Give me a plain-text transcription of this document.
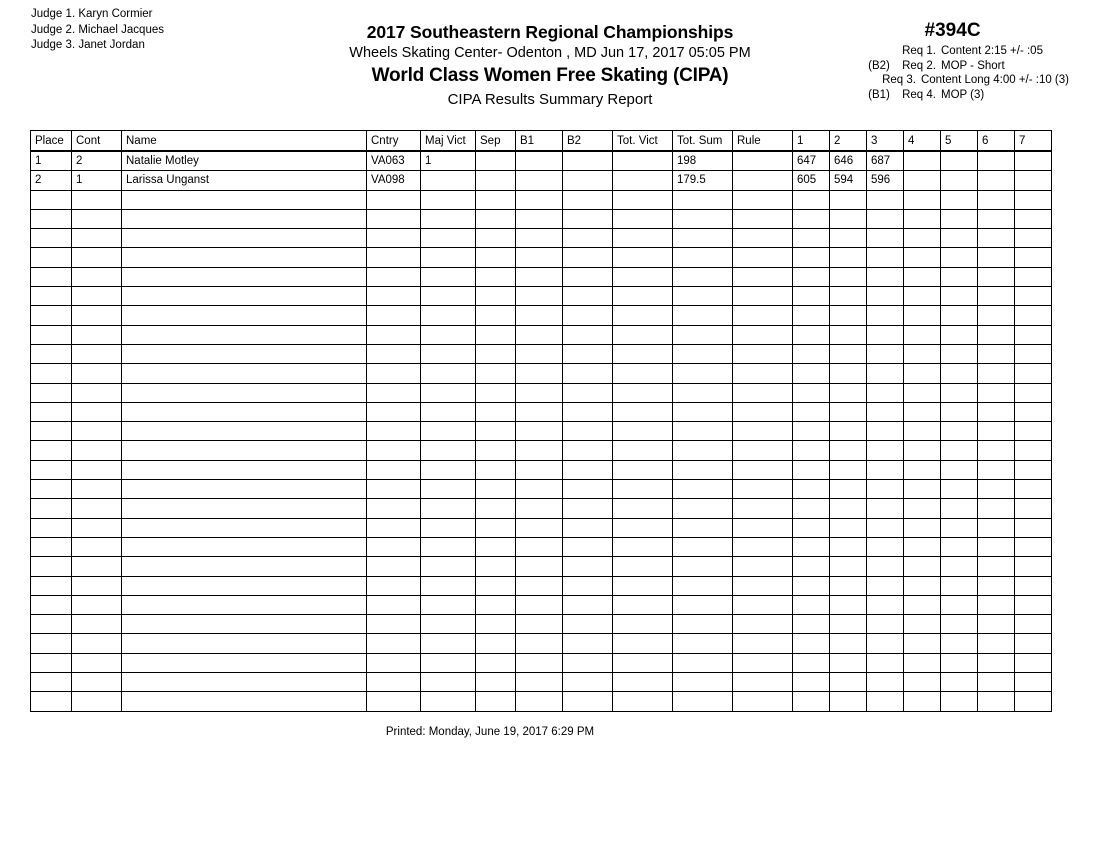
Judge 1. Karyn Cormier
Judge 2. Michael Jacques
Judge 3. Janet Jordan
2017 Southeastern Regional Championships
Wheels Skating Center- Odenton , MD Jun 17, 2017 05:05 PM
World Class Women Free Skating (CIPA)
CIPA Results Summary Report
#394C
Req 1. Content 2:15 +/- :05
(B2)	Req 2. MOP - Short
Req 3. Content Long 4:00 +/- :10 (3)
(B1)	Req 4. MOP (3)
Place	Cont	Name	Cntry	Maj Vict	Sep	B1	B2	Tot. Vict	Tot. Sum	Rule	1	2	3	4	5	6	7
1	2	Natalie Motley	VA063	1					198		647	646	687				
2	1	Larissa Unganst	VA098						179.5		605	594	596				

Printed: Monday, June 19, 2017 6:29 PM
